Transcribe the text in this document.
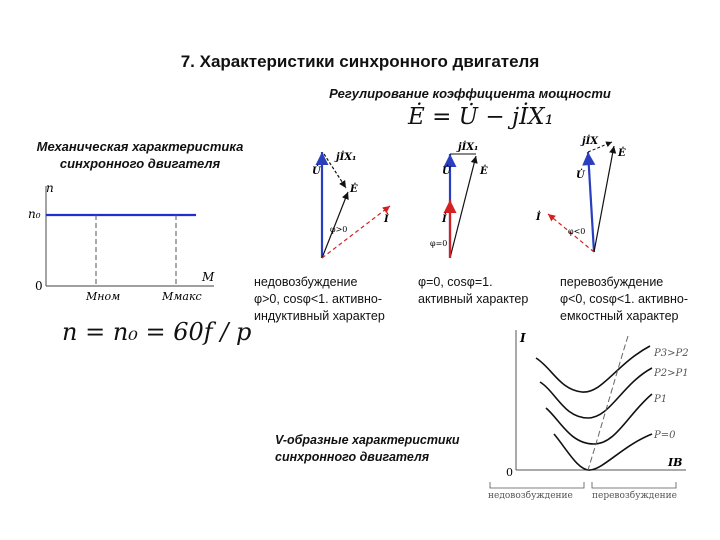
7. Характеристики синхронного двигателя
Регулирование коэффициента мощности
Ė = U̇ − jİX₁
Механическая характеристика
синхронного двигателя
n
n₀
0
M
Mном	Mмакс
n = n₀ = 60f / p
jİX₁
U̇
Ė
İ
φ>0
jİX₁
U̇	Ė
İ
φ=0
jİX
U̇
Ė
İ
φ<0
недовозбуждение
φ>0, cosφ<1. активно-
индуктивный характер
φ=0, cosφ=1.
активный характер
перевозбуждение
φ<0, cosφ<1. активно-
емкостный характер
V-образные характеристики
синхронного двигателя
I
0
IB
P3>P2
P2>P1
P1
P=0
недовозбуждение перевозбуждение
